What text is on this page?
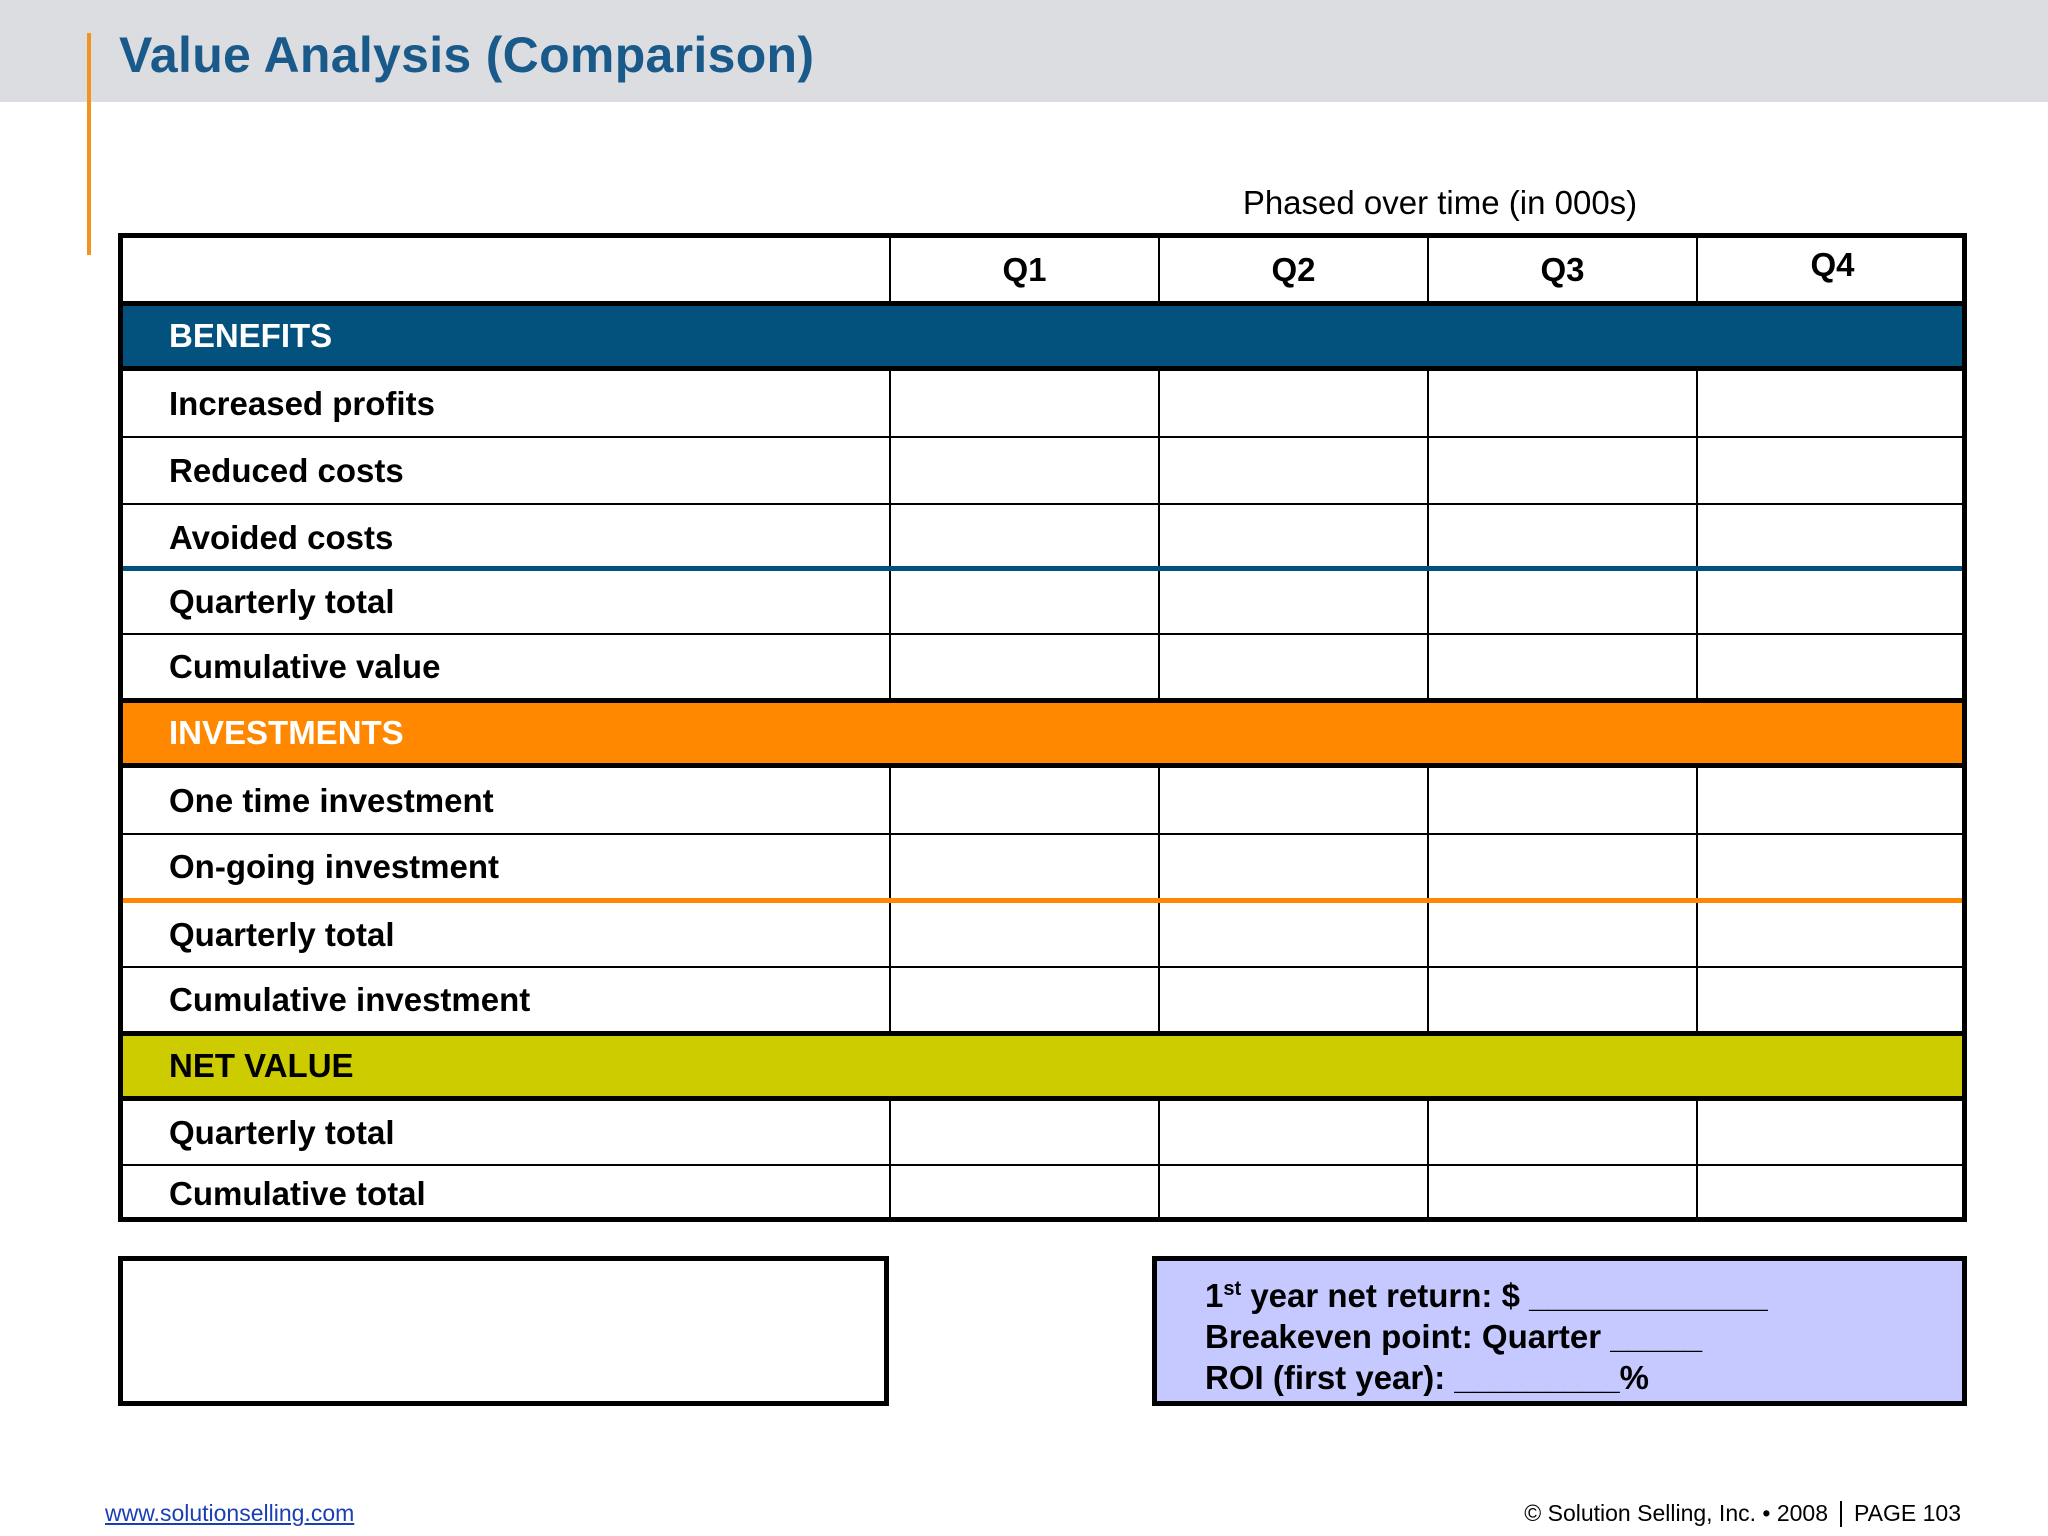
Value Analysis (Comparison)
Phased over time (in 000s)
Q1	Q2	Q3	Q4
BENEFITS
Increased profits
Reduced costs
Avoided costs
Quarterly total
Cumulative value
INVESTMENTS
One time investment
On-going investment
Quarterly total
Cumulative investment
NET VALUE
Quarterly total
Cumulative total
1st year net return: $ _____________
Breakeven point: Quarter _____
ROI (first year): _________%
www.solutionselling.com	© Solution Selling, Inc. • 2008 PAGE 103
